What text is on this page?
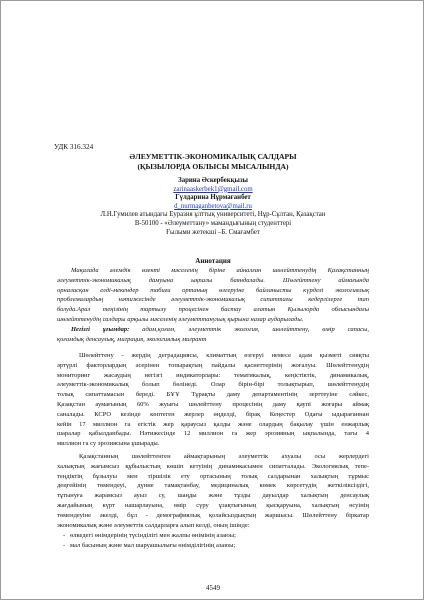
УДК 316.324
ӘЛЕУМЕТТІК-ЭКОНОМИКАЛЫҚ САЛДАРЫ
(ҚЫЗЫЛОРДА ОБЛЫСЫ МЫСАЛЫНДА)
Зарина Әскербекқызы
zarinaaskerbek1@gmail.com
Гүлдарина Нұрмағанбет
d_nurmaganbetova@mail.ru
Л.Н.Гумилев атындағы Еуразия ұлттық университеті, Нұр-Сұлтан, Қазақстан
В-50100 - «Әлеуметтану» мамандығының студенттері
Ғылыми жетекші –Б. Смағамбет
Аннотация
Мақалада әлемдік өзекті мәселенің біріне айналған шөлейттенудің Қазақстанның
әлеуметтік-экономикалық дамуына ықпалы баяндалады. Шөлейттену аймағында
орналасқан елді-мекендер табиғи ортаның өзгеруіне байланысты күрделі экологиялық
проблемалардың нәтижесінде әлеуметтік-экономикалық сипаттағы кедергілерге тап
болуда.Арал теңізінің тартылу процесінен бастау алатын Қызылорда облысындағы
шөлейттенудің салдары арқылы мәселенің әлеуметтанулық қырына назар аударылады.
Негізгі ұғымдар: адам,қоғам, әлеуметтік экология, шөлейттену, өмір сапасы,
қоғамдық денсаулық, миграция, экологиялық мигрант
Шөлейттену - жердің деградациясы, климаттың өзгеруі немесе адам қызметі сияқты
әртүрлі факторлардың әсерінен топырақтың пайдалы қасиеттерінің жоғалуы. Шөлейттенудің
мониторинг жасаудың негізгі индикаторлары: тематикалық, кеңістіктік, динамикалық,
әлеуметтік-экономикалық болып бөлінеді. Олар бірін-бірі толықтырып, шөлейттенудің
толық сипаттамасын береді. БҰҰ Тұрақты даму департаментінің зерттеуіне сәйкес,
Қазақстан аумағының 60% жуығы шөлейттену процесінің даму қаупі жоғары аймақ
саналады. КСРО кезінде көптеген жерлер өңделді, бірақ Кеңестер Одағы ыдырағаннан
кейін 17 миллион га егістік жер қараусыз қалды және олардың бақылау үшін енжарлық
шаралар қабылданбады. Нәтижесінде 12 миллион га жер эрозияның ықпалында, тағы 4
миллион га су эрозиясына ұшырады.
Қазақстанның шөлейттенген аймақтарының әлеуметтік ахуалы осы жерлердегі
халықтың жағымсыз құбылыстың көшіп кетуінің динамикасымен сипатталады. Экологиялық тепе-
теңдіктің бұзылуы мен тіршілік ету ортасының толық салдарынан халықтың тұрмыс
деңгейінің төмендеуі, дүние тамақтанбау, медициналық көмек көрсетудің жеткіліксіздігі,
тұтынуға жарамсыз ауыз су, шаңды және тұзды дауылдар халықтың денсаулық
жағдайының күрт нашарлауына, өмір сүру ұзақтығының қысқаруына, халықтың өсуінің
төмендеуіне әкелді, бұл - демографиялық қолайсыздықтың жаршысы. Шөлейттену біркатар
экономикалық және әлеуметтік салдарларға алып келді, оның ішінде:
-   өлкедегі өнімдерінің түсінділігі мен жалпы өнімінің азаюы;
-   мал басының және мал шаруашылығы өнімділігінің азаюы;
4549
